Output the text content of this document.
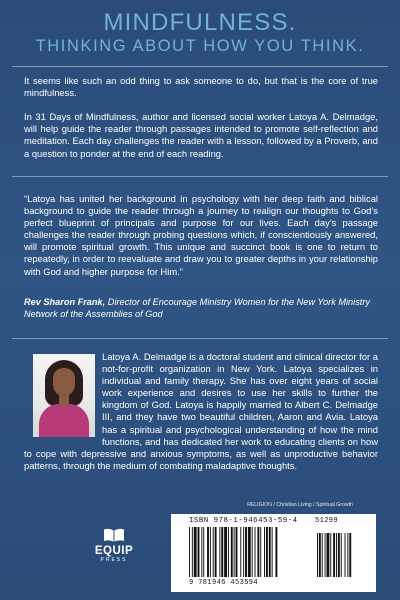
MINDFULNESS.
THINKING ABOUT HOW YOU THINK.
It seems like such an odd thing to ask someone to do, but that is the core of true mindfulness.
In 31 Days of Mindfulness, author and licensed social worker Latoya A. Delmadge, will help guide the reader through passages intended to promote self-reflection and meditation. Each day challenges the reader with a lesson, followed by a Proverb, and a question to ponder at the end of each reading.
“Latoya has united her background in psychology with her deep faith and biblical background to guide the reader through a journey to realign our thoughts to God’s perfect blueprint of principals and purpose for our lives. Each day’s passage challenges the reader through probing questions which, if conscientiously answered, will promote spiritual growth. This unique and succinct book is one to return to repeatedly, in order to reevaluate and draw you to greater depths in your relationship with God and higher purpose for Him.”
Rev Sharon Frank, Director of Encourage Ministry Women for the New York Ministry Network of the Assemblies of God
Latoya A. Delmadge is a doctoral student and clinical director for a not-for-profit organization in New York. Latoya specializes in individual and family therapy. She has over eight years of social work experience and desires to use her skills to further the kingdom of God. Latoya is happily married to Albert C. Delmadge III, and they have two beautiful children, Aaron and Avia. Latoya has a spiritual and psychological understanding of how the mind functions, and has dedicated her work to educating clients on how to cope with depressive and anxious symptoms, as well as unproductive behavior patterns, through the medium of combating maladaptive thoughts.
EQUIP
PRESS
RELIGION / Christian Living / Spiritual Growth
ISBN 978-1-946453-59-4
9 781946 453594
51299
